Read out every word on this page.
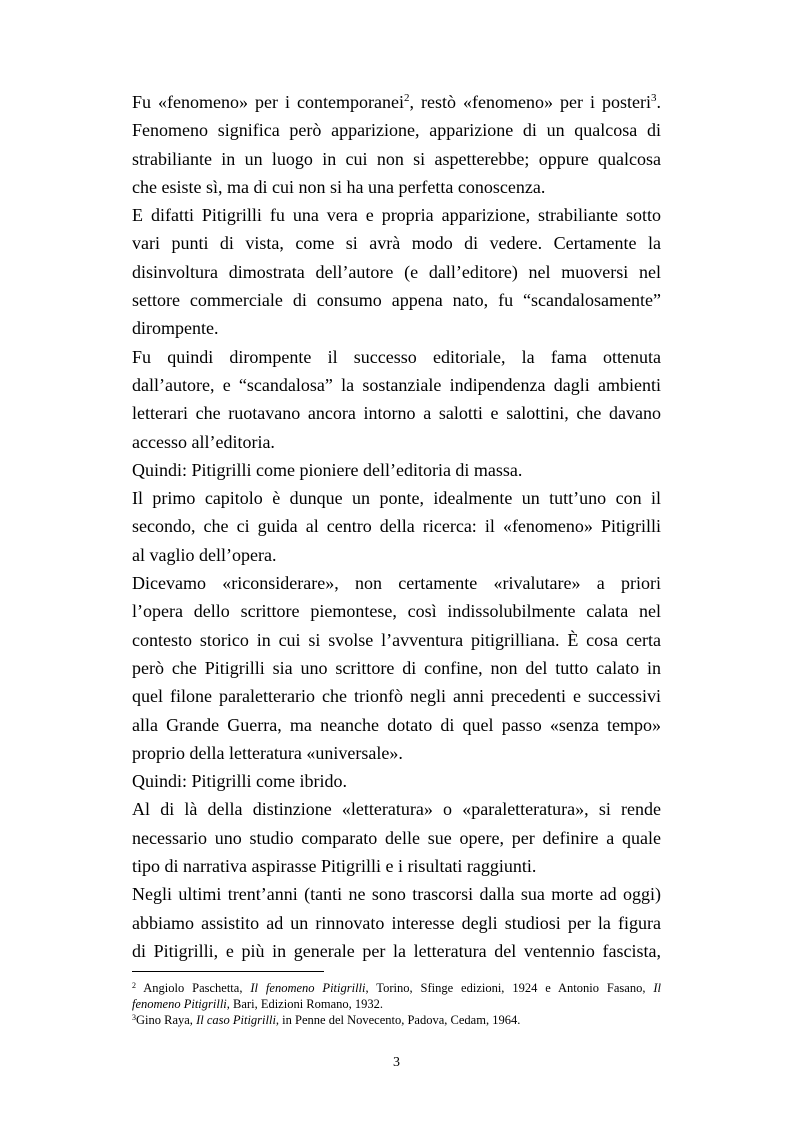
Fu «fenomeno» per i contemporanei$^2$, restò «fenomeno» per i posteri$^3$.
Fenomeno significa però apparizione, apparizione di un qualcosa di
strabiliante in un luogo in cui non si aspetterebbe; oppure qualcosa
che esiste sì, ma di cui non si ha una perfetta conoscenza.
E difatti Pitigrilli fu una vera e propria apparizione, strabiliante sotto
vari punti di vista, come si avrà modo di vedere. Certamente la
disinvoltura dimostrata dell’autore (e dall’editore) nel muoversi nel
settore commerciale di consumo appena nato, fu “scandalosamente”
dirompente.
Fu quindi dirompente il successo editoriale, la fama ottenuta
dall’autore, e “scandalosa” la sostanziale indipendenza dagli ambienti
letterari che ruotavano ancora intorno a salotti e salottini, che davano
accesso all’editoria.
Quindi: Pitigrilli come pioniere dell’editoria di massa.
Il primo capitolo è dunque un ponte, idealmente un tutt’uno con il
secondo, che ci guida al centro della ricerca: il «fenomeno» Pitigrilli
al vaglio dell’opera.
Dicevamo «riconsiderare», non certamente «rivalutare» a priori
l’opera dello scrittore piemontese, così indissolubilmente calata nel
contesto storico in cui si svolse l’avventura pitigrilliana. È cosa certa
però che Pitigrilli sia uno scrittore di confine, non del tutto calato in
quel filone paraletterario che trionfò negli anni precedenti e successivi
alla Grande Guerra, ma neanche dotato di quel passo «senza tempo»
proprio della letteratura «universale».
Quindi: Pitigrilli come ibrido.
Al di là della distinzione «letteratura» o «paraletteratura», si rende
necessario uno studio comparato delle sue opere, per definire a quale
tipo di narrativa aspirasse Pitigrilli e i risultati raggiunti.
Negli ultimi trent’anni (tanti ne sono trascorsi dalla sua morte ad oggi)
abbiamo assistito ad un rinnovato interesse degli studiosi per la figura
di Pitigrilli, e più in generale per la letteratura del ventennio fascista,
$^2$ Angiolo Paschetta, Il fenomeno Pitigrilli, Torino, Sfinge edizioni, 1924 e Antonio Fasano, Il
fenomeno Pitigrilli, Bari, Edizioni Romano, 1932.
$^3$Gino Raya, Il caso Pitigrilli, in Penne del Novecento, Padova, Cedam, 1964.
3
